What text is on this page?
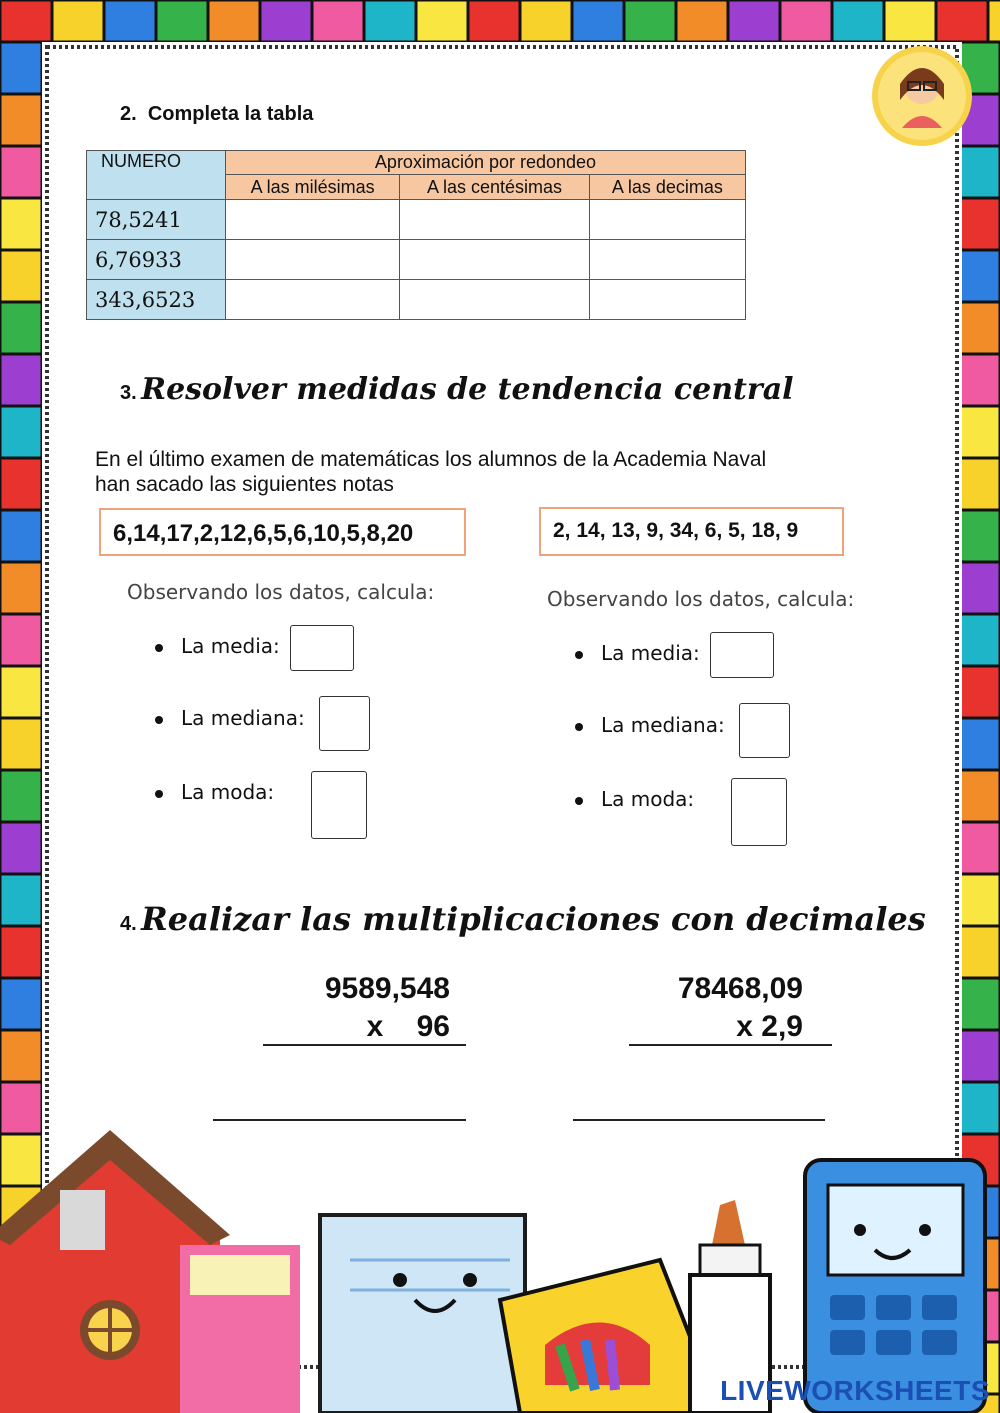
2. Completa la tabla
NUMERO	Aproximación por redondeo		
	A las milésimas	A las centésimas	A las decimas
78,5241			
6,76933			
343,6523			
3. Resolver medidas de tendencia central
En el último examen de matemáticas los alumnos de la Academia Naval
han sacado las siguientes notas
6,14,17,2,12,6,5,6,10,5,8,20	2, 14, 13, 9, 34, 6, 5, 18, 9
Observando los datos, calcula:	Observando los datos, calcula:
La media:
La mediana:
La moda:
La media:
La mediana:
La moda:
4. Realizar las multiplicaciones con decimales
9589,548
x    96
78468,09
x 2,9
LIVEWORKSHEETS
